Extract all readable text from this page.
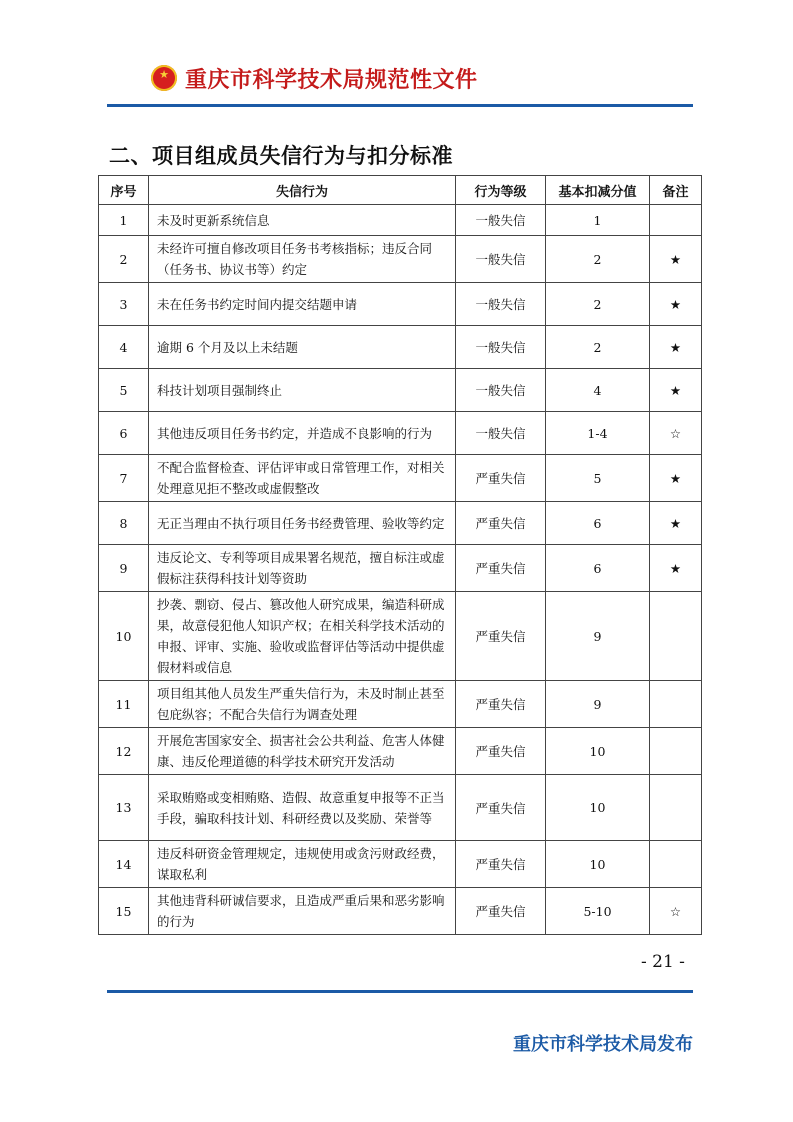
★ 重庆市科学技术局规范性文件
二、项目组成员失信行为与扣分标准
序号	失信行为	行为等级	基本扣减分值	备注
1	未及时更新系统信息	一般失信	1	
2	未经许可擅自修改项目任务书考核指标；违反合同（任务书、协议书等）约定	一般失信	2	★
3	未在任务书约定时间内提交结题申请	一般失信	2	★
4	逾期 6 个月及以上未结题	一般失信	2	★
5	科技计划项目强制终止	一般失信	4	★
6	其他违反项目任务书约定，并造成不良影响的行为	一般失信	1-4	☆
7	不配合监督检查、评估评审或日常管理工作，对相关处理意见拒不整改或虚假整改	严重失信	5	★
8	无正当理由不执行项目任务书经费管理、验收等约定	严重失信	6	★
9	违反论文、专利等项目成果署名规范，擅自标注或虚假标注获得科技计划等资助	严重失信	6	★
10	抄袭、剽窃、侵占、篡改他人研究成果，编造科研成果，故意侵犯他人知识产权；在相关科学技术活动的申报、评审、实施、验收或监督评估等活动中提供虚假材料或信息	严重失信	9	
11	项目组其他人员发生严重失信行为，未及时制止甚至包庇纵容；不配合失信行为调查处理	严重失信	9	
12	开展危害国家安全、损害社会公共利益、危害人体健康、违反伦理道德的科学技术研究开发活动	严重失信	10	
13	采取贿赂或变相贿赂、造假、故意重复申报等不正当手段，骗取科技计划、科研经费以及奖励、荣誉等	严重失信	10	
14	违反科研资金管理规定，违规使用或贪污财政经费，谋取私利	严重失信	10	
15	其他违背科研诚信要求，且造成严重后果和恶劣影响的行为	严重失信	5-10	☆
- 21 -
重庆市科学技术局发布
